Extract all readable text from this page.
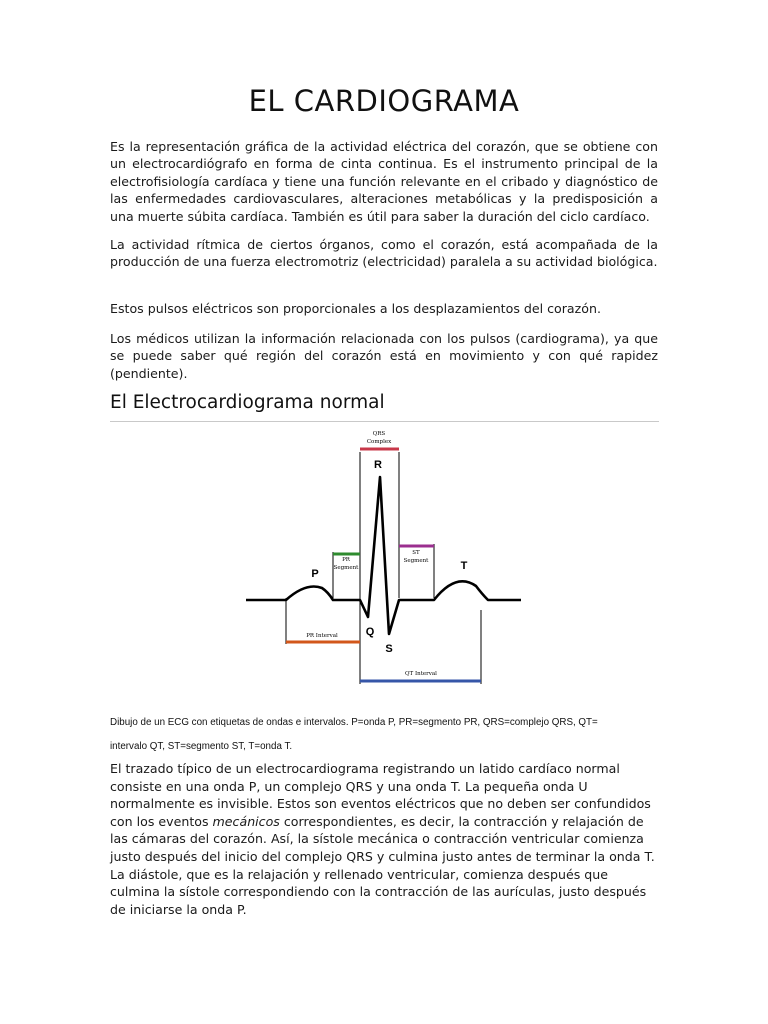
EL CARDIOGRAMA

Es la representación gráfica de la actividad eléctrica del corazón, que se obtiene con un electrocardiógrafo en forma de cinta continua. Es el instrumento principal de la electrofisiología cardíaca y tiene una función relevante en el cribado y diagnóstico de las enfermedades cardiovasculares, alteraciones metabólicas y la predisposición a una muerte súbita cardíaca. También es útil para saber la duración del ciclo cardíaco.

La actividad rítmica de ciertos órganos, como el corazón, está acompañada de la producción de una fuerza electromotriz (electricidad) paralela a su actividad biológica.

Estos pulsos eléctricos son proporcionales a los desplazamientos del corazón.

Los médicos utilizan la información relacionada con los pulsos (cardiograma), ya que se puede saber qué región del corazón está en movimiento y con qué rapidez (pendiente).

El Electrocardiograma normal
QRS
Complex
ST
Segment
PR
Segment
PR Interval
QT Interval
R
P
T
Q
S
Dibujo de un ECG con etiquetas de ondas e intervalos. P=onda P, PR=segmento PR, QRS=complejo QRS, QT=
intervalo QT, ST=segmento ST, T=onda T.

El trazado típico de un electrocardiograma registrando un latido cardíaco normal consiste en una onda P, un complejo QRS y una onda T. La pequeña onda U normalmente es invisible. Estos son eventos eléctricos que no deben ser confundidos con los eventos mecánicos correspondientes, es decir, la contracción y relajación de las cámaras del corazón. Así, la sístole mecánica o contracción ventricular comienza justo después del inicio del complejo QRS y culmina justo antes de terminar la onda T. La diástole, que es la relajación y rellenado ventricular, comienza después que culmina la sístole correspondiendo con la contracción de las aurículas, justo después de iniciarse la onda P.
